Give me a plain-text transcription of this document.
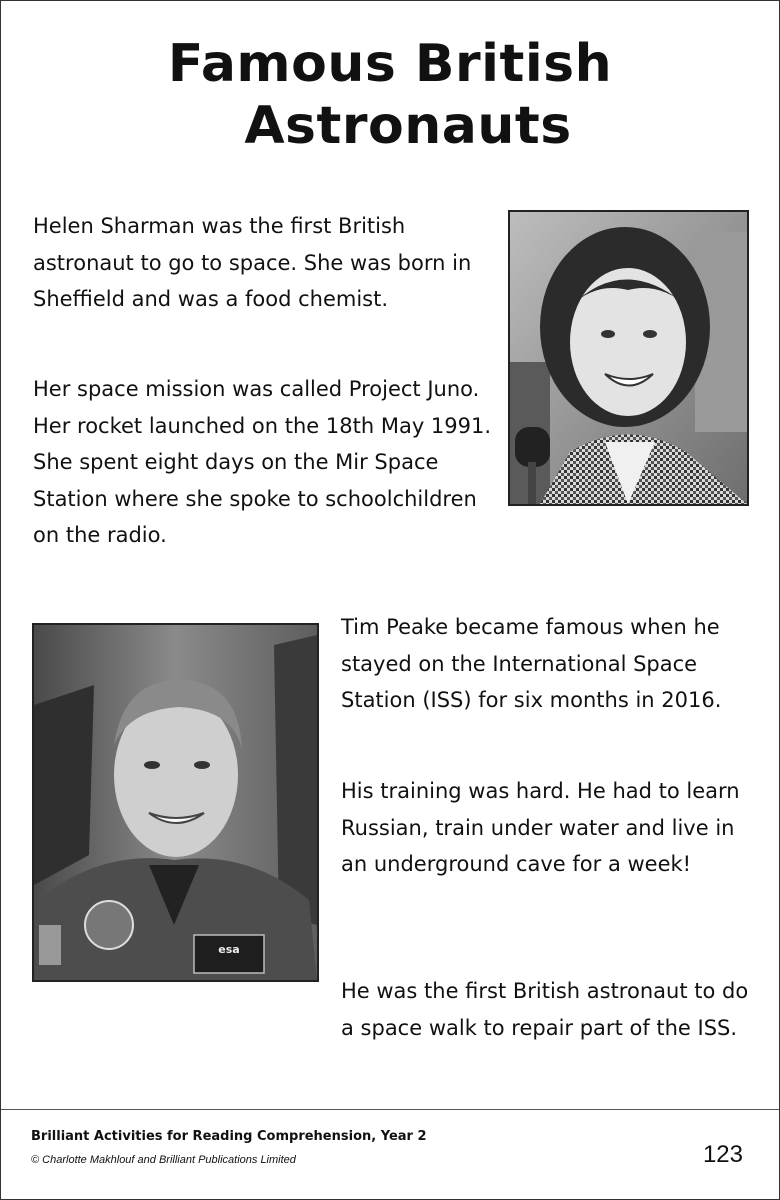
Famous British
Astronauts

Helen Sharman was the first British astronaut to go to space. She was born in Sheffield and was a food chemist.

Her space mission was called Project Juno. Her rocket launched on the 18th May 1991. She spent eight days on the Mir Space Station where she spoke to schoolchildren on the radio.

esa

Tim Peake became famous when he stayed on the International Space Station (ISS) for six months in 2016.

His training was hard. He had to learn Russian, train under water and live in an underground cave for a week!

He was the first British astronaut to do a space walk to repair part of the ISS.

Brilliant Activities for Reading Comprehension, Year 2
© Charlotte Makhlouf and Brilliant Publications Limited	123
